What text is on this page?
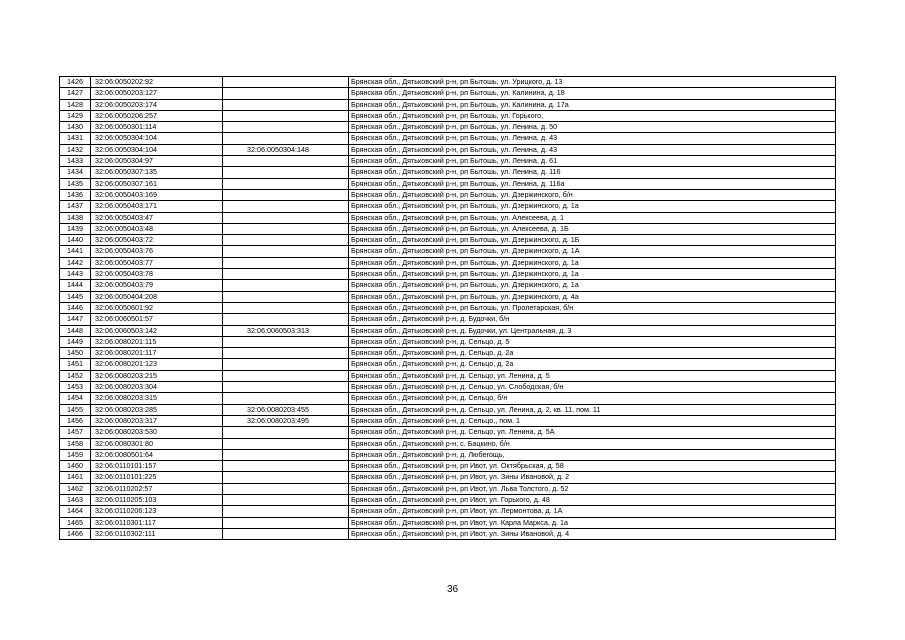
1426	32:06:0050202:92		Брянская обл., Дятьковский р-н, рп Бытошь, ул. Урицкого, д. 13
1427	32:06:0050203:127		Брянская обл., Дятьковский р-н, рп Бытошь, ул. Калинина, д. 18
1428	32:06:0050203:174		Брянская обл., Дятьковский р-н, рп Бытошь, ул. Калинина, д. 17а
1429	32:06:0050206:257		Брянская обл., Дятьковский р-н, рп Бытошь, ул. Горького,
1430	32:06:0050301:114		Брянская обл., Дятьковский р-н, рп Бытошь, ул. Ленина, д. 50
1431	32:06:0050304:104		Брянская обл., Дятьковский р-н, рп Бытошь, ул. Ленина, д. 43
1432	32:06:0050304:104	32:06:0050304:148	Брянская обл., Дятьковский р-н, рп Бытошь, ул. Ленина, д. 43
1433	32:06:0050304:97		Брянская обл., Дятьковский р-н, рп Бытошь, ул. Ленина, д. 61
1434	32:06:0050307:135		Брянская обл., Дятьковский р-н, рп Бытошь, ул. Ленина, д. 116
1435	32:06:0050307:161		Брянская обл., Дятьковский р-н, рп Бытошь, ул. Ленина, д. 116а
1436	32:06:0050403:169		Брянская обл., Дятьковский р-н, рп Бытошь, ул. Дзержинского, б/н
1437	32:06:0050403:171		Брянская обл., Дятьковский р-н, рп Бытошь, ул. Дзержинского, д. 1а
1438	32:06:0050403:47		Брянская обл., Дятьковский р-н, рп Бытошь, ул. Алексеева, д. 1
1439	32:06:0050403:48		Брянская обл., Дятьковский р-н, рп Бытошь, ул. Алексеева, д. 1Б
1440	32:06:0050403:72		Брянская обл., Дятьковский р-н, рп Бытошь, ул. Дзержинского, д. 1Б
1441	32:06:0050403:76		Брянская обл., Дятьковский р-н, рп Бытошь, ул. Дзержинского, д. 1А
1442	32:06:0050403:77		Брянская обл., Дятьковский р-н, рп Бытошь, ул. Дзержинского, д. 1а
1443	32:06:0050403:78		Брянская обл., Дятьковский р-н, рп Бытошь, ул. Дзержинского, д. 1а
1444	32:06:0050403:79		Брянская обл., Дятьковский р-н, рп Бытошь, ул. Дзержинского, д. 1а
1445	32:06:0050404:208		Брянская обл., Дятьковский р-н, рп Бытошь, ул. Дзержинского, д. 4а
1446	32:06:0050601:92		Брянская обл., Дятьковский р-н, рп Бытошь, ул. Пролетарская, б/н
1447	32:06:0060501:57		Брянская обл., Дятьковский р-н, д. Будочки, б/н
1448	32:06:0060503:142	32:06:0060503:313	Брянская обл., Дятьковский р-н, д. Будочки, ул. Центральная, д. 3
1449	32:06:0080201:115		Брянская обл., Дятьковский р-н, д. Сельцо, д. 5
1450	32:06:0080201:117		Брянская обл., Дятьковский р-н, д. Сельцо, д. 2а
1451	32:06:0080201:123		Брянская обл., Дятьковский р-н, д. Сельцо, д. 2а
1452	32:06:0080203:215		Брянская обл., Дятьковский р-н, д. Сельцо, ул. Ленина, д. 5
1453	32:06:0080203:304		Брянская обл., Дятьковский р-н, д. Сельцо, ул. Слободская, б/н
1454	32:06:0080203:315		Брянская обл., Дятьковский р-н, д. Сельцо, б/н
1455	32:06:0080203:285	32:06:0080203:455	Брянская обл., Дятьковский р-н, д. Сельцо, ул. Ленина, д. 2, кв. 11, пом. 11
1456	32:06:0080203:317	32:06:0080203:495	Брянская обл., Дятьковский р-н, д. Сельцо,, пом. 1
1457	32:06:0080203:530		Брянская обл., Дятьковский р-н, д. Сельцо, ул. Ленина, д. 5А
1458	32:06:0080301:80		Брянская обл., Дятьковский р-н, с. Бацкино, б/н
1459	32:06:0080501:64		Брянская обл., Дятьковский р-н, д. Любегощь,
1460	32:06:0110101:157		Брянская обл., Дятьковский р-н, рп Ивот, ул. Октябрьская, д. 58
1461	32:06:0110101:225		Брянская обл., Дятьковский р-н, рп Ивот, ул. Зины Ивановой, д. 2
1462	32:06:0110202:57		Брянская обл., Дятьковский р-н, рп Ивот, ул. Льва Толстого, д. 52
1463	32:06:0110205:103		Брянская обл., Дятьковский р-н, рп Ивот, ул. Горького, д. 48
1464	32:06:0110206:123		Брянская обл., Дятьковский р-н, рп Ивот, ул. Лермонтова, д. 1А
1465	32:06:0110301:117		Брянская обл., Дятьковский р-н, рп Ивот, ул. Карла Маркса, д. 1а
1466	32:06:0110302:111		Брянская обл., Дятьковский р-н, рп Ивот, ул. Зины Ивановой, д. 4
36
